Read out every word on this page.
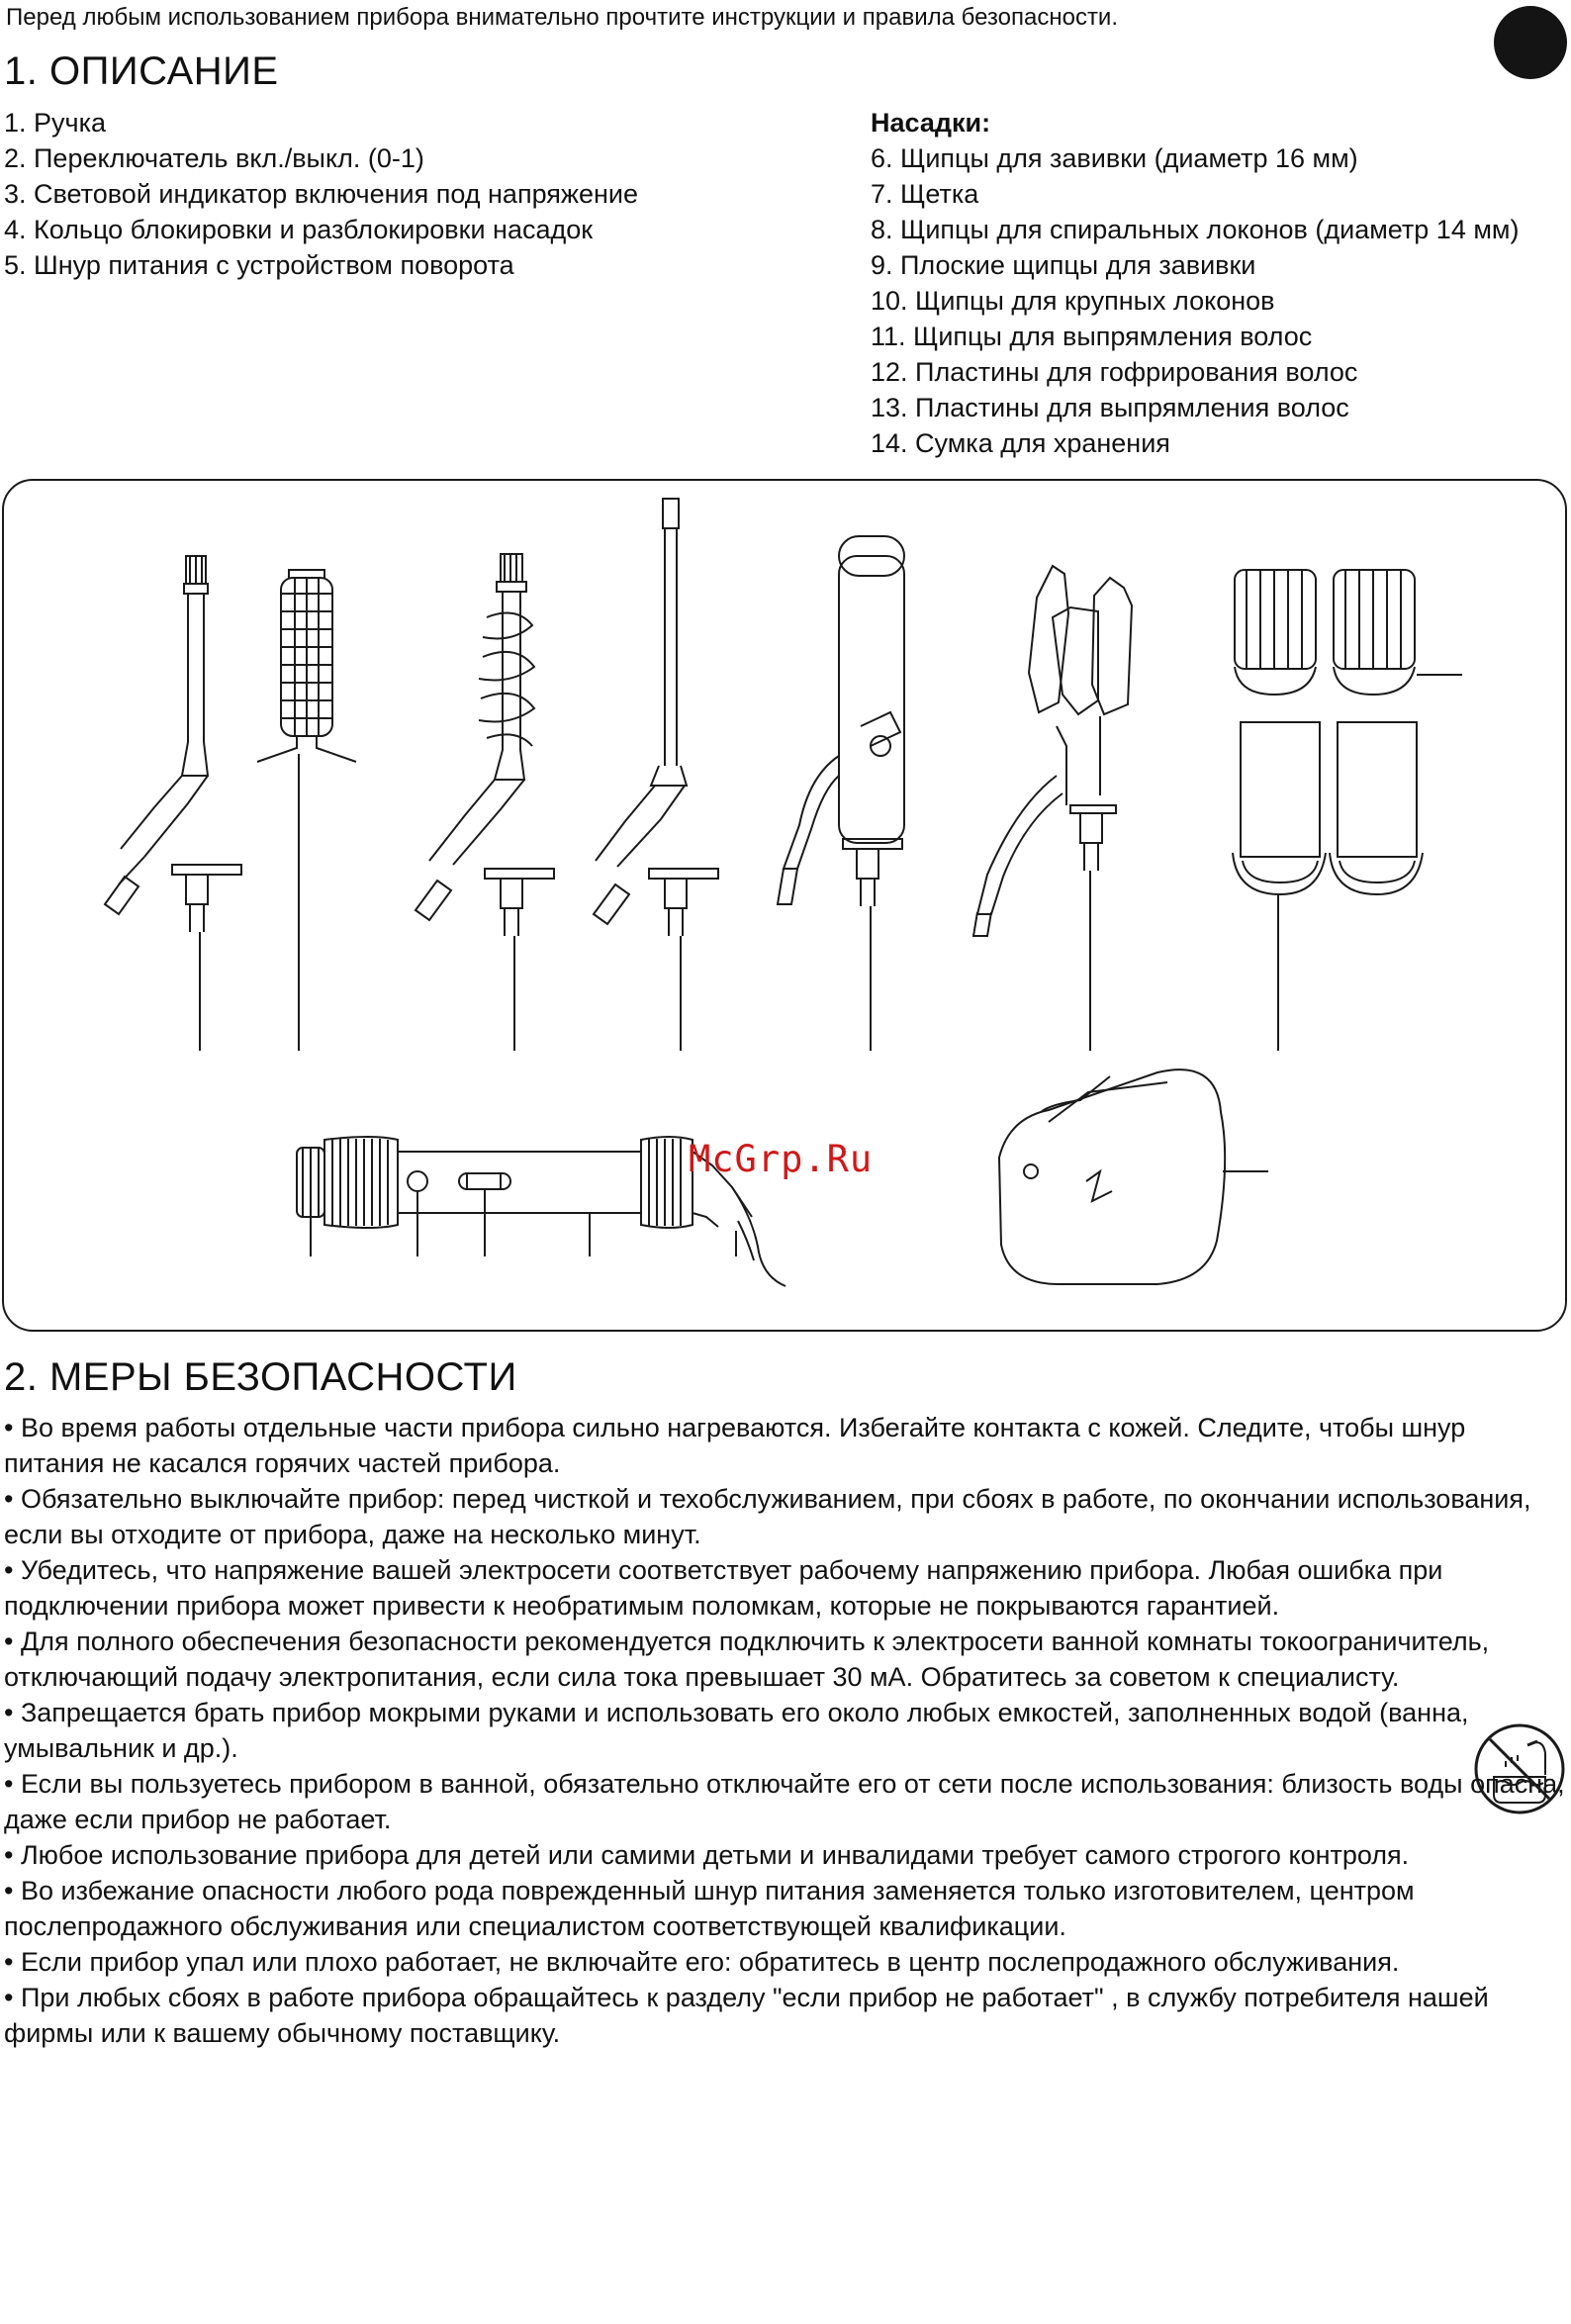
Перед любым использованием прибора внимательно прочтите инструкции и правила безопасности.
1. ОПИСАНИЕ
1. Ручка
2. Переключатель вкл./выкл. (0-1)
3. Световой индикатор включения под напряжение
4. Кольцо блокировки и разблокировки насадок
5. Шнур питания с устройством поворота
Насадки:
6. Щипцы для завивки (диаметр 16 мм)
7. Щетка
8. Щипцы для спиральных локонов (диаметр 14 мм)
9. Плоские щипцы для завивки
10. Щипцы для крупных локонов
11. Щипцы для выпрямления волос
12. Пластины для гофрирования волос
13. Пластины для выпрямления волос
14. Сумка для хранения
McGrp.Ru
2. МЕРЫ БЕЗОПАСНОСТИ

• Во время работы отдельные части прибора сильно нагреваются. Избегайте контакта с кожей. Следите, чтобы шнур питания не касался горячих частей прибора.

• Обязательно выключайте прибор: перед чисткой и техобслуживанием, при сбоях в работе, по окончании использования, если вы отходите от прибора, даже на несколько минут.

• Убедитесь, что напряжение вашей электросети соответствует рабочему напряжению прибора. Любая ошибка при подключении прибора может привести к необратимым поломкам, которые не покрываются гарантией.

• Для полного обеспечения безопасности рекомендуется подключить к электросети ванной комнаты токоограничитель, отключающий подачу электропитания, если сила тока превышает 30 мА. Обратитесь за советом к специалисту.

• Запрещается брать прибор мокрыми руками и использовать его около любых емкостей, заполненных водой (ванна, умывальник и др.).

• Если вы пользуетесь прибором в ванной, обязательно отключайте его от сети после использования: близость воды опасна, даже если прибор не работает.

• Любое использование прибора для детей или самими детьми и инвалидами требует самого строгого контроля.

• Во избежание опасности любого рода поврежденный шнур питания заменяется только изготовителем, центром послепродажного обслуживания или специалистом соответствующей квалификации.

• Если прибор упал или плохо работает, не включайте его: обратитесь в центр послепродажного обслуживания.

• При любых сбоях в работе прибора обращайтесь к разделу "если прибор не работает" , в службу потребителя нашей фирмы или к вашему обычному поставщику.
